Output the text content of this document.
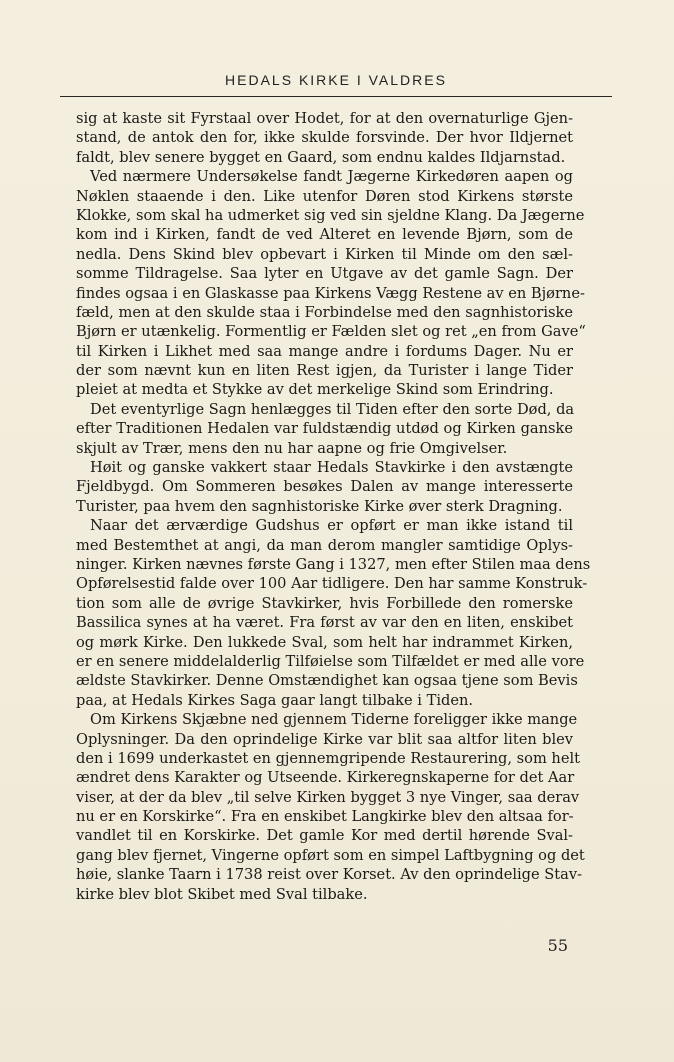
HEDALS KIRKE I VALDRES
sig at kaste sit Fyrstaal over Hodet, for at den overnaturlige Gjen-
stand, de antok den for, ikke skulde forsvinde. Der hvor Ildjernet
faldt, blev senere bygget en Gaard, som endnu kaldes Ildjarnstad.
Ved nærmere Undersøkelse fandt Jægerne Kirkedøren aapen og
Nøklen staaende i den. Like utenfor Døren stod Kirkens største
Klokke, som skal ha udmerket sig ved sin sjeldne Klang. Da Jægerne
kom ind i Kirken, fandt de ved Alteret en levende Bjørn, som de
nedla. Dens Skind blev opbevart i Kirken til Minde om den sæl-
somme Tildragelse. Saa lyter en Utgave av det gamle Sagn. Der
findes ogsaa i en Glaskasse paa Kirkens Vægg Restene av en Bjørne-
fæld, men at den skulde staa i Forbindelse med den sagnhistoriske
Bjørn er utænkelig. Formentlig er Fælden slet og ret „en from Gave“
til Kirken i Likhet med saa mange andre i fordums Dager. Nu er
der som nævnt kun en liten Rest igjen, da Turister i lange Tider
pleiet at medta et Stykke av det merkelige Skind som Erindring.
Det eventyrlige Sagn henlægges til Tiden efter den sorte Død, da
efter Traditionen Hedalen var fuldstændig utdød og Kirken ganske
skjult av Trær, mens den nu har aapne og frie Omgivelser.
Høit og ganske vakkert staar Hedals Stavkirke i den avstængte
Fjeldbygd. Om Sommeren besøkes Dalen av mange interesserte
Turister, paa hvem den sagnhistoriske Kirke øver sterk Dragning.
Naar det ærværdige Gudshus er opført er man ikke istand til
med Bestemthet at angi, da man derom mangler samtidige Oplys-
ninger. Kirken nævnes første Gang i 1327, men efter Stilen maa dens
Opførelsestid falde over 100 Aar tidligere. Den har samme Konstruk-
tion som alle de øvrige Stavkirker, hvis Forbillede den romerske
Bassilica synes at ha været. Fra først av var den en liten, enskibet
og mørk Kirke. Den lukkede Sval, som helt har indrammet Kirken,
er en senere middelalderlig Tilføielse som Tilfældet er med alle vore
ældste Stavkirker. Denne Omstændighet kan ogsaa tjene som Bevis
paa, at Hedals Kirkes Saga gaar langt tilbake i Tiden.
Om Kirkens Skjæbne ned gjennem Tiderne foreligger ikke mange
Oplysninger. Da den oprindelige Kirke var blit saa altfor liten blev
den i 1699 underkastet en gjennemgripende Restaurering, som helt
ændret dens Karakter og Utseende. Kirkeregnskaperne for det Aar
viser, at der da blev „til selve Kirken bygget 3 nye Vinger, saa derav
nu er en Korskirke“. Fra en enskibet Langkirke blev den altsaa for-
vandlet til en Korskirke. Det gamle Kor med dertil hørende Sval-
gang blev fjernet, Vingerne opført som en simpel Laftbygning og det
høie, slanke Taarn i 1738 reist over Korset. Av den oprindelige Stav-
kirke blev blot Skibet med Sval tilbake.
55
